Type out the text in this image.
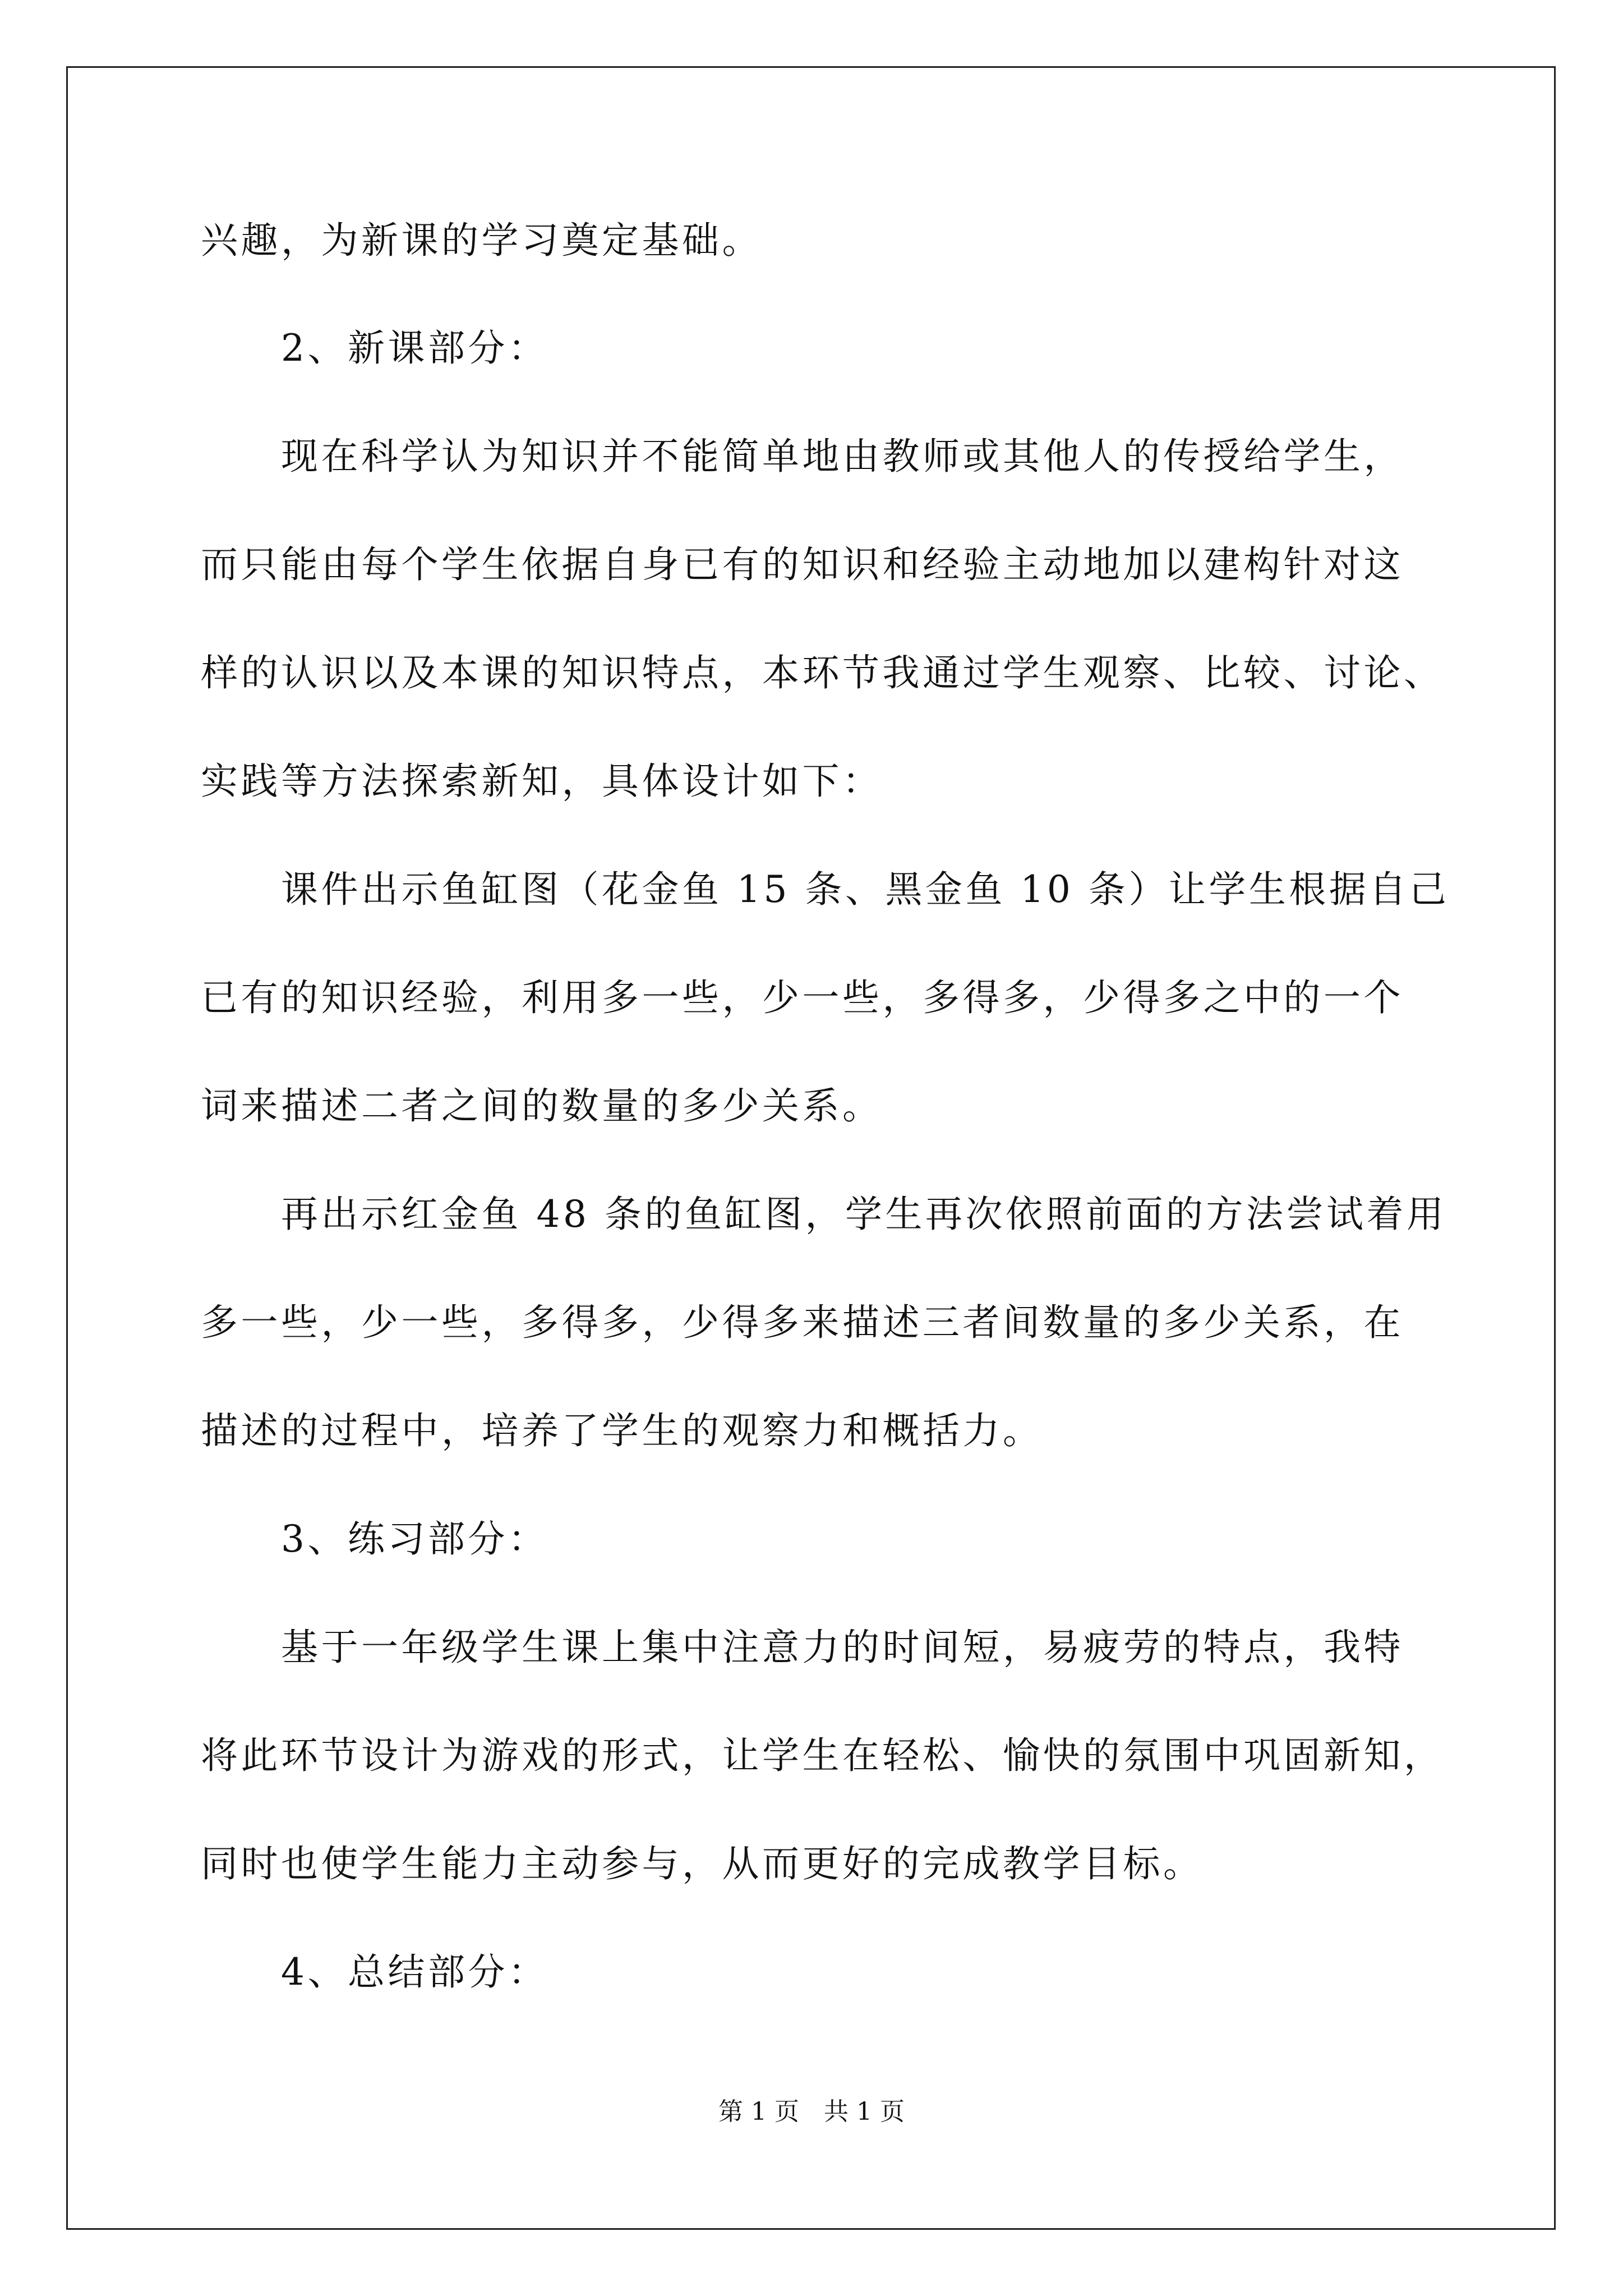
兴趣，为新课的学习奠定基础。
　　2、新课部分：
　　现在科学认为知识并不能简单地由教师或其他人的传授给学生，
而只能由每个学生依据自身已有的知识和经验主动地加以建构针对这
样的认识以及本课的知识特点，本环节我通过学生观察、比较、讨论、
实践等方法探索新知，具体设计如下：
　　课件出示鱼缸图（花金鱼 15 条、黑金鱼 10 条）让学生根据自己
已有的知识经验，利用多一些，少一些，多得多，少得多之中的一个
词来描述二者之间的数量的多少关系。
　　再出示红金鱼 48 条的鱼缸图，学生再次依照前面的方法尝试着用
多一些，少一些，多得多，少得多来描述三者间数量的多少关系，在
描述的过程中，培养了学生的观察力和概括力。
　　3、练习部分：
　　基于一年级学生课上集中注意力的时间短，易疲劳的特点，我特
将此环节设计为游戏的形式，让学生在轻松、愉快的氛围中巩固新知，
同时也使学生能力主动参与，从而更好的完成教学目标。
　　4、总结部分：
第 1 页　共 1 页
